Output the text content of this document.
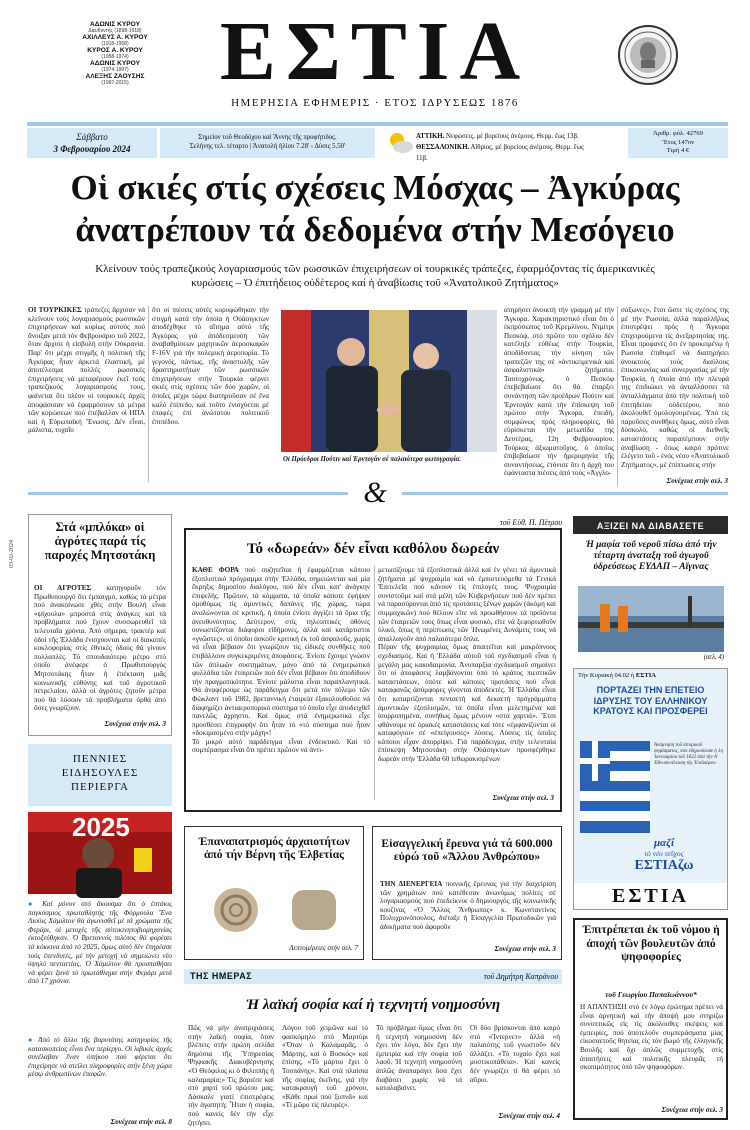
ΑΔΩΝΙΣ ΚΥΡΟΥ
Διευθυντής (1898-1918)
ΑΧΙΛΛΕΥΣ Α. ΚΥΡΟΥ
(1918-1958)
ΚΥΡΟΣ Α. ΚΥΡΟΥ
(1958-1974)
ΑΔΩΝΙΣ ΚΥΡΟΥ
(1974-1997)
ΑΛΕΞΗΣ ΖΑΟΥΣΗΣ
(1997-2015)	ΕΣΤΙΑ
ΗΜΕΡΗΣΙΑ ΕΦΗΜΕΡΙΣ · ΕΤΟΣ ΙΔΡΥΣΕΩΣ 1876
Σάββατο
3 Φεβρουαρίου 2024
Σημείον τοῦ Θεοδόχου καί Ἄννης τῆς προφήτιδος.
Σελήνης τελ. τέταρτο | Ἀνατολή ἡλίου 7.28' - Δύσις 5.50'
ΑΤΤΙΚΗ. Νεφώσεις, μέ βορείους ἀνέμους. Θερμ. ἕως 13β.
ΘΕΣΣΑΛΟΝΙΚΗ. Αἴθριος, μέ βορείους ἀνέμους. Θερμ. ἕως 11β.
Ἀριθμ. φύλ. 42769
Ἔτος 147ον
Τιμή 4 €
Οἱ σκιές στίς σχέσεις Μόσχας – Ἀγκύρας
ἀνατρέπουν τά δεδομένα στήν Μεσόγειο
Κλείνουν τούς τραπεζικούς λογαριασμούς τῶν ρωσσικῶν ἐπιχειρήσεων οἱ τουρκικές τράπεζες, ἐφαρμόζοντας τίς ἀμερικανικές κυρώσεις – Ὁ ἐπιτήδειος οὐδέτερος καί ἡ ἀναβίωσις τοῦ «Ἀνατολικοῦ Ζητήματος»
ΟΙ ΤΟΥΡΚΙΚΕΣ τράπεζες ἄρχισαν νά κλείνουν τούς λογαριασμούς ρωσσικῶν ἐπιχειρήσεων καί κυρίως αὐτούς πού ἄνοιξαν μετά τόν Φεβρουάριο τοῦ 2022, ὅταν ἄρχισε ἡ εἰσβολή στήν Οὐκρανία. Παρ' ὅτι μέχρι στιγμῆς ἡ πολιτική τῆς Ἀγκύρας ἦταν ἀρκετά ἐλαστική, μέ ἀποτέλεσμα πολλές ρωσσικές ἐπιχειρήσεις νά μεταφέρουν ἐκεῖ τούς τραπεζικούς λογαριασμούς τους, φαίνεται ὅτι πλέον οἱ τουρκικές ἀρχές ἀποφάσισαν νά ἐφαρμόσουν τά μέτρα τῶν κυρώσεων πού ἐπέβαλλαν οἱ ΗΠΑ καί ἡ Εὐρωπαϊκή Ἕνωσις. Δέν εἶναι, μάλιστα, τυχαῖο
ὅτι οἱ πιέσεις αὐτές κορυφώθηκαν τήν στιγμή κατά τήν ὁποία ἡ Οὐάσιγκτων ἀποδέχθηκε τό αἴτημα αὐτό τῆς Ἀγκύρας γιά ἀπόδεσμευση τῶν ἀναβαθμίσεων μαχητικῶν ἀεροσκαφῶν F-16V γιά τήν πολεμική ἀεροπορία. Τό γεγονός, πάντως, τῆς ἀναστολῆς τῶν δραστηριοτήτων τῶν ρωσσικῶν ἐπιχειρήσεων στήν Τουρκία φέρνει σκιές στίς σχέσεις τῶν δύο χωρῶν, οἱ ὁποῖες μέχρι τώρα διατηροῦσαν σέ ἕνα καλό ἐπίπεδο, καί τοῦτο ἐνισχύεται μέ ἐπαφές ἐπί ἀνώτατου πολιτικοῦ ἐπιπέδου.
Οἱ Πρόεδροι Πούτιν καί Ἐρντογάν σέ παλαιότερα φωτογραφία.
ατηρήσει ἀνοικτή τήν γραμμή μέ τήν Ἄγκυρα. Χαρακτηριστικό εἶναι ὅτι ὁ ἐκπρόσωπος τοῦ Κρεμλίνου, Ντμίτρι Πεσκόφ, στό πρῶτο του σχόλιο δέν κατέληξε εὐθέως στήν Τουρκία, ἀποδίδοντας τήν κίνηση τῶν τραπεζῶν της σέ «ἀντικειμενικά καί ἀσφαλιστικά» ζητήματα. Ταυτοχρόνως, ὁ Πεσκόφ ἐπεβεβαίωσε ὅτι θά ἐπαρξει συνάντηση τῶν προέδρων Πούτιν καί Ἐρντογάν κατά τήν ἐπίσκεψη τοῦ πρώτου στήν Ἄγκυρα, ἐπειδή, συμφώνως πρός πληροφορίες, θά εὑρίσκεται τήν μετωπίδα της Δευτέρας, 12η Φεβρουαρίου. Τούρκος ἀξιωματοῦχος, ὁ ὁποῖος ἐπιβεβαίωσε τήν ἡμερομηνία τῆς συναντήσεως, ἐτόνισε ὅτι ἡ ἀρχή του ἐφάνταστα πιέσεις ἀπό τούς «Ἀγγλο-
σάξωνες», ἔτσι ὥστε τίς σχέσεις της μέ τήν Ρωσσία, ἀλλά παραλλήλως ἐπιστρέψει πρός ἡ Ἄγκυρα ἐπιχειρούμενα τίς ἀνεξαρτησίας της. Εἶναι προφανές ὅτι ἐν προκειμένῳ ἡ Ρωσσία ἐπιθυμεῖ νά διατηρήσει ἀνοικτούς τούς διαύλους ἐπικοινωνίας καί συνεργασίας μέ τήν Τουρκία, ἡ ὁποία ἀπό τήν πλευρά της ἐπιδιώκει νά ἀνταλλάσσει τά ἀνταλλάγματα ἀπό τήν πολιτική τοῦ ἐπιτηδείου οὐδετέρου, πού ἀκολουθεῖ ὁμολογουμένως. Ὑπό τίς παροῦσες συνθῆκες ὅμως, αὐτό εἶναι δύσκολο, καθώς οἱ διεθνεῖς καταστάσεις παραπέμπουν στήν ἀναβίωση - ὅπως καιρό πρότινε ἐλέγετο τοῦ - ἑνός νέου «Ἀνατολικοῦ Ζητήματος», μέ ἐπίπτωσεις στήν
Συνέχεια στήν σελ. 3
&
03-02-2024
Στά «μπλόκα» οἱ ἀγρότες παρά τίς παροχές Μητσοτάκη
ΟΙ ΑΓΡΟΤΕΣ κατηγοροῦν τόν Πρωθυπουργό ὅτι ἐμπαιγμό, καθώς τά μέτρα πού ἀνακοίνωσε χθές στήν Βουλή εἶναι «ψίχουλα» μπροστά στίς ἀνάγκες καί τά προβλήματα πού ἔχουν συσσωρευθεῖ τά τελευταῖα χρόνια. Ἀπό σήμερα, τρακτέρ καί ὁδοί τῆς Ἑλλάδα ἐνισχύονται καί οἱ διακοπές κυκλοφορίας στίς ἐθνικές ὁδούς θά γίνουν πολλαπλές. Τό σπουδαιότερο μέτρο στό ὁποῖο ἀνέφερε ὁ Πρωθυπουργός Μητσοτάκης ἦταν ἡ ἐπέκταση μιᾶς κοινωνικῆς εὐθύνης καί τοῦ ἀγροτικοῦ πετρελαίου, ἀλλά οἱ ἀγρότες ζητοῦν μέτρα πού θά λύσουν τά προβλήματα ὀρθά ἀπό ὅσες γνωρίζουν.
Συνέχεια στήν σελ. 3
ΠΕΝΝΙΕΣ ΕΙΔΗΣΟΥΛΕΣ ΠΕΡΙΕΡΓΑ
2025
● Καί μόνον στό ἄκουσμα ὅτι ὁ ἑπτάκις παγκόσμιος πρωταθλητής τῆς Φόρμουλα Ἕνα Λιούις Χάμιλτον θά ἀγωνισθεῖ μέ τά χρώματα τῆς Φεράρι, οἱ μετοχές τῆς αὐτοκινητοβιομηχανίας ἐκτοξεύθηκαν. Ὁ Βρεταννός πιλότος θά φορέσει τά κόκκινα ἀπό τό 2025, ὅμως αὐτό δέν ἐπηρέασε τούς ἐπενδυτές, μέ τήν μετοχή νά σημειώνει νέο ὑψηλό πενταετίας. Ὁ Χάμιλτον θά προσπαθήσει νά φέρει ξανά τό πρωτάθλημα στήν Φεράρι μετά ἀπό 17 χρόνια.
● Ἀπό τό ἄλλο τῆς βαρυτάτης κατηγορίας τῆς κατασκοπείας εἶναι ἕνα περίεργο. Οἱ λιβικές ἀρχές συνέλαβαν ἕναν ὑπήκοο πού φέρεται ὅτι ἐπιχείρησε νά στείλει πληροφορίες στήν ξένη χώρα μέσῳ ἀνθρωπίνων ἐπαφῶν.
Συνέχεια στήν σελ. 8
τοῦ Εὐθ. Π. Πέτρου
Τό «δωρεάν» δέν εἶναι καθόλου δωρεάν
ΚΑΘΕ ΦΟΡΑ πού συζητεῖται ἡ ἐφαρμόζεται κάποιο ἐξοπλιστικό πρόγραμμα στήν Ἑλλάδα, σημειώνεται καί μία ἔκρηξις δημοσίου διαλόγου, πού δέν εἶναι κατ' ἀνάγκην ἐπιφελής. Πρῶτον, τά κόμματα, τά ὁποῖα κάποτε ἐφήψαν ὁμοθύμως τίς ἀμυντικές δαπάνες τῆς χώρας, τώρα ἀναλώνονται σέ κριτική, ἡ ὁποία ἐνίοτε ἀγγίζει τά ὅρια τῆς ἀνευθυνότητος. Δεύτερον, στίς τηλεοπτικές ὁθόνες ουνωστίζονται διάφοροι εἰδήμονες, ἀλλά καί κατάρτιστοι «γνῶστες», οἱ ὁποῖοι ἀσκοῦν κριτική ἐκ τοῦ ἀσφαλοῦς, χωρίς νά εἶναι βέβαιον ὅτι γνωρίζουν τίς εἰδικές συνθῆκες πού ἐπιβάλλουν συγκεκριμένες ἀποφάσεις. Ἐνίοτε ἔχουμε γνώσιν τῶν ἀπλωῶν συστημάτων, μόνο ἀπό τά ἐνημερωτικά φυλλάδια τῶν ἑταιρειῶν πού δέν εἶναι βέβαιον ὅτι ἀποδίδουν τήν πραγματικότητα. Ἐνίοτε μάλιστα εἶναι παραπλανητικά. Θά ἀναφέρουμε ὡς παράδειγμα ὅτι μετά τόν πόλεμο τῶν Φώκλαντ τοῦ 1982, βρεταννική ἑταιρεία ἐξακολουθοῦσε νά διαφημίζει ἀντιαεροπορικό σύστημα τό ὁποῖο εἶχε ἀποδειχθεῖ πανελῶς ἀχρηστο. Καί ὅμως στά ἐνημερωτικά εἶχε προσθέσει ἐπιγραφήν ὅτι ἦταν τό «τό σύστημα πού ἦταν «δοκιμασμένο στήν μάχη»!
Τό μικρό αὐτό παράδειγμα εἶναι ἐνδεικτικό. Καί τό συμπέρασμα εἶναι ὅτι πρέπει πρῶτον νά ἀντι-
μετωπίζουμε τά ἐξοπλιστικά ἀλλά καί ἐν γένει τά ἀμυντικά ζητήματα μέ ψυχραιμία καί νά ἐμπιστευόμεθα τά Γενικά Ἐπιτελεῖα πού κάνουν τίς ἐπιλογές τους. Ψυχραιμία συνιστοῦμε καί στά μέλη τῶν Κυβερνήσεων πού δέν πρέπει νά παρασύρονται ἀπό τίς προτάσεις ξένων χωρῶν (ἀκόμη καί συμμαχικῶν) πού θέλουν εἴτε νά προωθήσουν τά προϊόντα τῶν ἑταιρειῶν τους ὅπως εἶναι φυσικό, εἴτε νά ξεφορτωθοῦν ὑλικό, ὅπως ἡ περίπτωσις τῶν Ἡνωμένες Δυνάμεις τους νά ἀπαλλαγοῦν ἀπό παλαιότερα ὅπλα.
Πέραν τῆς ψυχραιμίας ὅμως ἀπαιτεῖται καί μακρόπνοος σχεδιασμός. Καί ἡ Ἑλλάδα αὐτοῦ τοῦ σχεδιασμοῦ εἶναι ἡ μεγάλη μας κακοδαιμονία. Ἀνυπαρξία σχεδιασμοῦ σημαίνει ὅτι οἱ ἀποφάσεις λαμβάνονται ὑπό τό κράτος πιεστικῶν καταστάσεων, ὁπότε καί κάποιες προτάσεις πού εἶναι καταφανῶς ἀσύμφορες γίνονται ἀποδεκτές. Ἡ Ἑλλάδα εἶναι ὅτι καταρτίζονται πενταετή καί δεκαετή προγράμματα ἀμυντικῶν ἐξοπλισμῶν, τά ὁποῖα εἶναι μελετημένα καί ἰσορροπημένα, συνήθως ὅμως μένουν «στά χαρτιά». Ἔτσι φθάνουμε σέ ὁριακές καταστάσεις καί τότε «ἐμφανίζονται οἱ καταφύγιοι» σέ «ἐπείγουσες» λύσεις. Λύσεις τίς ὁποῖες κάποιοι εἶχαν ἀπορρίψει. Γιά παράδειγμα, στήν τελευταία ἐπίσκεψη Μητσοτάκη στήν Οὐάσιγκτων προσφέρθηκε δωρεάν στήν Ἑλλάδα 60 τεθωρακισμένων
Συνέχεια στήν σελ. 3
Ἐπαναπατρισμός ἀρχαιοτήτων ἀπό τήν Βέρνη τῆς Ἐλβετίας
Λεπτομέρειες στήν σελ. 7
Εἰσαγγελική ἔρευνα γιά τά 600.000 εὐρώ τοῦ «Ἄλλου Ἀνθρώπου»
ΤΗΝ ΔΙΕΝΕΡΓΕΙΑ ποινικῆς ἔρευνας γιά τήν διαχείριση τῶν χρημάτων πού κατέθεσαν ἀνωνύμως πολίτες σέ λογαριασμούς πού ἐπεδείκνυε ὁ δημιουργός τῆς κοινωνικῆς κουζίνας «Ὁ Ἄλλος Ἄνθρωπος» κ. Κωνσταντίνος Πολυχρονόπουλος, διέταξε ἡ Εἰσαγγελία Πρωτοδικῶν γιά ἀδικήματα πού ἀφοροῦν
Συνέχεια στήν σελ. 3
ΤΗΣ ΗΜΕΡΑΣ	τοῦ Δημήτρη Καπράνου
Ἡ λαϊκή σοφία καί ἡ τεχνητή νοημοσύνη
Πῶς νά μήν ἀνατριχιάσεις στήν λαϊκή σοφία, ὅταν βλέπεις στήν πρώτη σελίδα δημόσια τῆς Ὑπηρεσίας Ψηφιακῆς Διακυβέρνησης «Ὁ Θεόφιλος κι ὁ Φιλιππής ἡ καλαμαρία;» Τίς βαριέσε καί στό χαρτί τοῦ πρώτου μας; Δάσκαλε γιατί ἐπιστρέφεις τήν ἀγαπητή; Ἦταν ἡ σοφία, πού κανείς δέν τήν εἶχε ζητήσει.
Λόγου τοῦ χειμῶνα καί τό φασκόμηλο στό Μαρτύρι «Ὅταν ὁ Καλαμαρᾶς, ὁ Μάρτης, καί ὁ Βοσκός» καί ἐπίσης, «Τό μάρτιο ἔχει ὁ Τσοπάνης». Καί στά πλαίσια τῆς σοφίας ἐκεῖνης, γιά τήν κατακραυγή τοῦ χρόνου, «Κάθε πρωί πού ξυπνᾶ» καί «Τί μῶρο τίς πλευρές».
Τό πρόβλημα ὅμως εἶναι ὅτι ἡ τεχνητή νοημοσύνη δέν ἔχει τόν λόγο, δέν ἔχει τήν ἐμπειρία καί τήν σοφία τοῦ λαοῦ. Ἡ τεχνητή νοημοσύνη ἀπλῶς ἀναπαράγει ὅσα ἔχει διαβάσει χωρίς νά τά καταλαβαίνει.
Οἱ δύο βρίσκονται ἀπό καιρό στό «Ἰντερνετ» ἀλλά «ἡ παλαιότης τοῦ γνωστοῦ» δέν ἀλλάζει. «Τό τυχαίο ἔχει καί μυστικοπάθεια». Καί κανείς δέν γνωρίζει τί θά φέρει τό αὔριο.
Συνέχεια στήν σελ. 4
ΑΞΙΖΕΙ ΝΑ ΔΙΑΒΑΣΕΤΕ
Ἡ μαφία τοῦ νεροῦ πίσω ἀπό τήν τέταρτη ἀναταξη τοῦ ἀγωγοῦ ὑδρεύσεως ΕΥΔΑΠ – Αἴγινας
(σελ. 4)
Τήν Κυριακή 04.02 ή ΕΣΤΙΑ
ΠΟΡΤΑΖΕΙ ΤΗΝ ΕΠΕΤΕΙΟ ΙΔΡΥΣΗΣ ΤΟΥ ΕΛΛΗΝΙΚΟΥ ΚΡΑΤΟΥΣ ΚΑΙ ΠΡΟΣΦΕΡΕΙ
Ἀνάμνηση τοῦ ἱστορικοῦ ψηφίσματος, πού ἐδημοσίευσε ἡ 1η Ἰανουαρίου τοῦ 1822 ἀπό τήν Α' Ἐθνοσυνέλευση τῆς Ἐπιδαύρου
μαζί
τό νέο τεῦχος
ΕΣΤΙΑζω
ΕΣΤΙΑ
Ἐπιτρέπεται ἐκ τοῦ νόμου ἡ ἀποχή τῶν βουλευτῶν ἀπό ψηφοφορίες
τοῦ Γεωργίου Παπαϊωάννου*
Η ΑΠΑΝΤΗΣΗ στό ἐν λόγῳ ἐρώτημα πρέπει νά εἶναι ἀρνητική καί τήν ἀποψή μου στηρίζω συνοπτικῶς εἰς τίς ἀκόλουθες σκέψεις καί ἐμπειρίες, πού ἀποτελοῦν συμπεράσματα μίας εἰκοσαετοῦς θητείας εἰς τόν βωμό τῆς ἑλληνικῆς Βουλῆς καί ὄχι ἁπλῶς συμμετοχῆς στίς ἀπαιτήσεις καί πολιτικῆς πλευρᾶς τή σκοπιμότητος ὑπό τῶν ψηφοφόρων.
Συνέχεια στήν σελ. 3
